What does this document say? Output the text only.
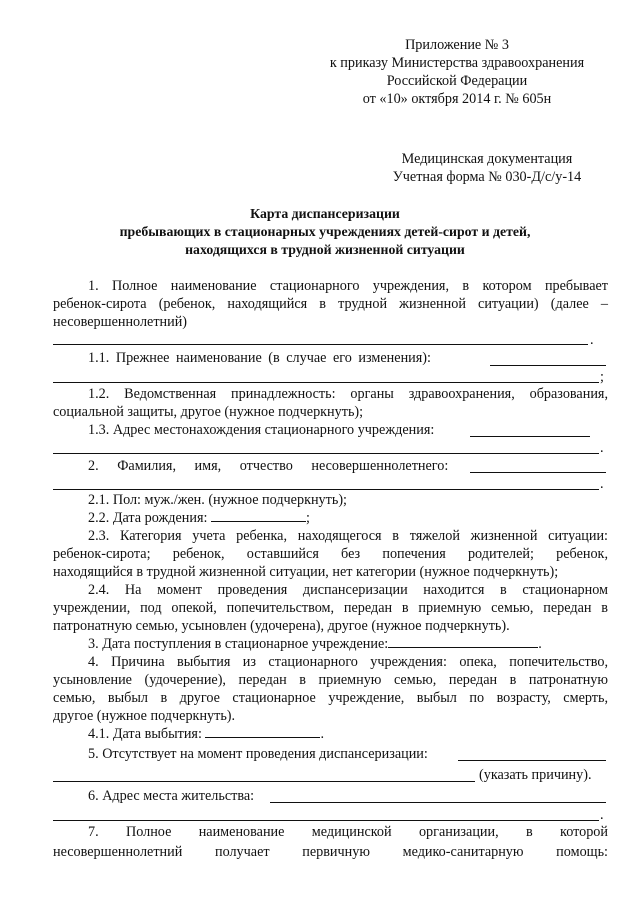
Приложение № 3
к приказу Министерства здравоохранения
Российской Федерации
от «10» октября 2014 г. № 605н
Медицинская документация
Учетная форма № 030-Д/с/у-14
Карта диспансеризации
пребывающих в стационарных учреждениях детей-сирот и детей,
находящихся в трудной жизненной ситуации
1. Полное наименование стационарного учреждения, в котором пребывает
ребенок-сирота (ребенок, находящийся в трудной жизненной ситуации) (далее –
несовершеннолетний)
.
1.1. Прежнее наименование (в случае его изменения):
;
1.2. Ведомственная принадлежность: органы здравоохранения, образования,
социальной защиты, другое (нужное подчеркнуть);
1.3. Адрес местонахождения стационарного учреждения:
.
2. Фамилия, имя, отчество несовершеннолетнего:
.
2.1. Пол: муж./жен. (нужное подчеркнуть);
2.2. Дата рождения:	;
2.3. Категория учета ребенка, находящегося в тяжелой жизненной ситуации:
ребенок-сирота; ребенок, оставшийся без попечения родителей; ребенок,
находящийся в трудной жизненной ситуации, нет категории (нужное подчеркнуть);
2.4. На момент проведения диспансеризации находится в стационарном
учреждении, под опекой, попечительством, передан в приемную семью, передан в
патронатную семью, усыновлен (удочерена), другое (нужное подчеркнуть).
3. Дата поступления в стационарное учреждение:	.
4. Причина выбытия из стационарного учреждения: опека, попечительство,
усыновление (удочерение), передан в приемную семью, передан в патронатную
семью, выбыл в другое стационарное учреждение, выбыл по возрасту, смерть,
другое (нужное подчеркнуть).
4.1. Дата выбытия:	.
5. Отсутствует на момент проведения диспансеризации:
(указать причину).
6. Адрес места жительства:
.
7. Полное наименование медицинской организации, в которой
несовершеннолетний получает первичную медико-санитарную помощь:
